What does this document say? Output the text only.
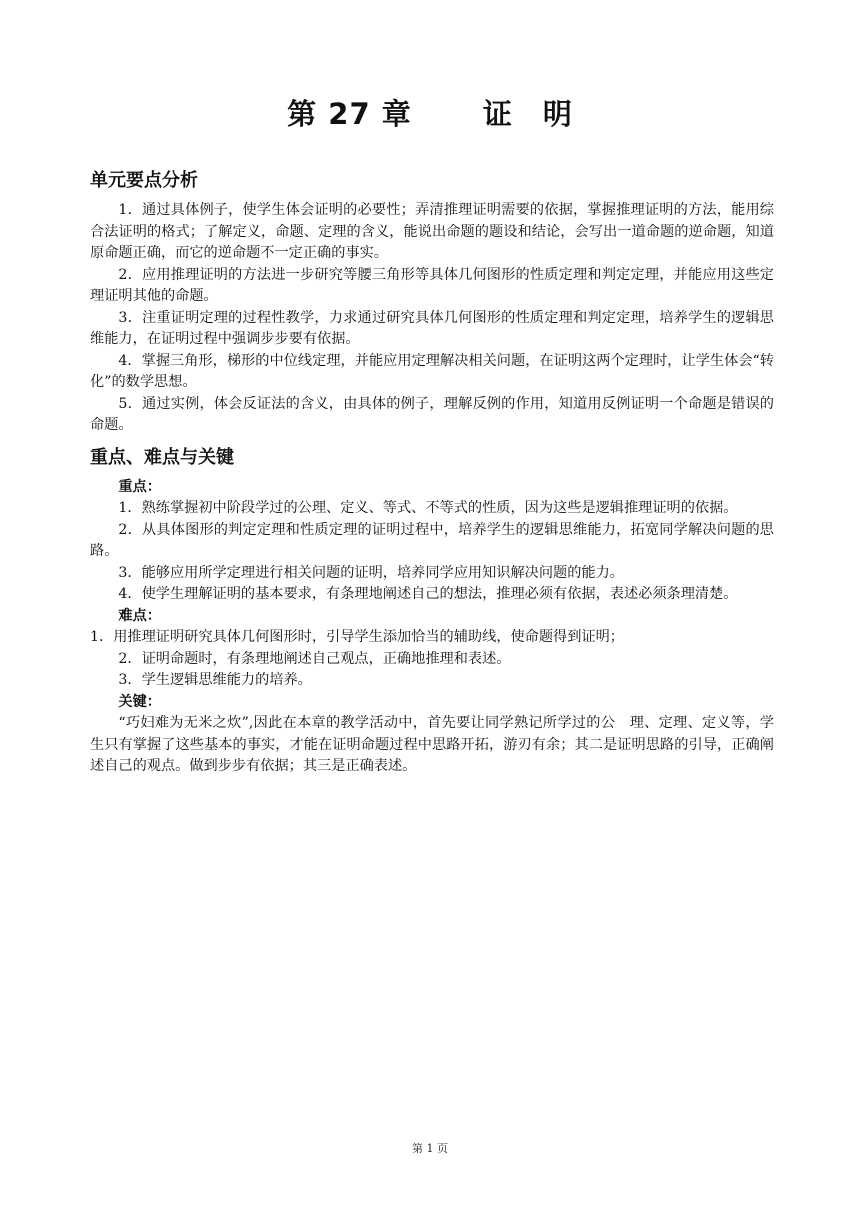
第 27 章　　 证　明
单元要点分析

1．通过具体例子，使学生体会证明的必要性；弄清推理证明需要的依据，掌握推理证明的方法，能用综合法证明的格式；了解定义，命题、定理的含义，能说出命题的题设和结论，会写出一道命题的逆命题，知道原命题正确，而它的逆命题不一定正确的事实。

2．应用推理证明的方法进一步研究等腰三角形等具体几何图形的性质定理和判定定理，并能应用这些定理证明其他的命题。

3．注重证明定理的过程性教学，力求通过研究具体几何图形的性质定理和判定定理，培养学生的逻辑思维能力，在证明过程中强调步步要有依据。

4．掌握三角形，梯形的中位线定理，并能应用定理解决相关问题，在证明这两个定理时，让学生体会“转化”的数学思想。

5．通过实例，体会反证法的含义，由具体的例子，理解反例的作用，知道用反例证明一个命题是错误的命题。

重点、难点与关键

重点：

1．熟练掌握初中阶段学过的公理、定义、等式、不等式的性质，因为这些是逻辑推理证明的依据。

2．从具体图形的判定定理和性质定理的证明过程中，培养学生的逻辑思维能力，拓宽同学解决问题的思路。

3．能够应用所学定理进行相关问题的证明，培养同学应用知识解决问题的能力。

4．使学生理解证明的基本要求，有条理地阐述自己的想法，推理必须有依据，表述必须条理清楚。

难点：

1．用推理证明研究具体几何图形时，引导学生添加恰当的辅助线，使命题得到证明；

2．证明命题时，有条理地阐述自己观点，正确地推理和表述。

3．学生逻辑思维能力的培养。

关键：

“巧妇难为无米之炊”,因此在本章的教学活动中，首先要让同学熟记所学过的公　理、定理、定义等，学生只有掌握了这些基本的事实，才能在证明命题过程中思路开拓，游刃有余；其二是证明思路的引导，正确阐述自己的观点。做到步步有依据；其三是正确表述。

第 1 页
